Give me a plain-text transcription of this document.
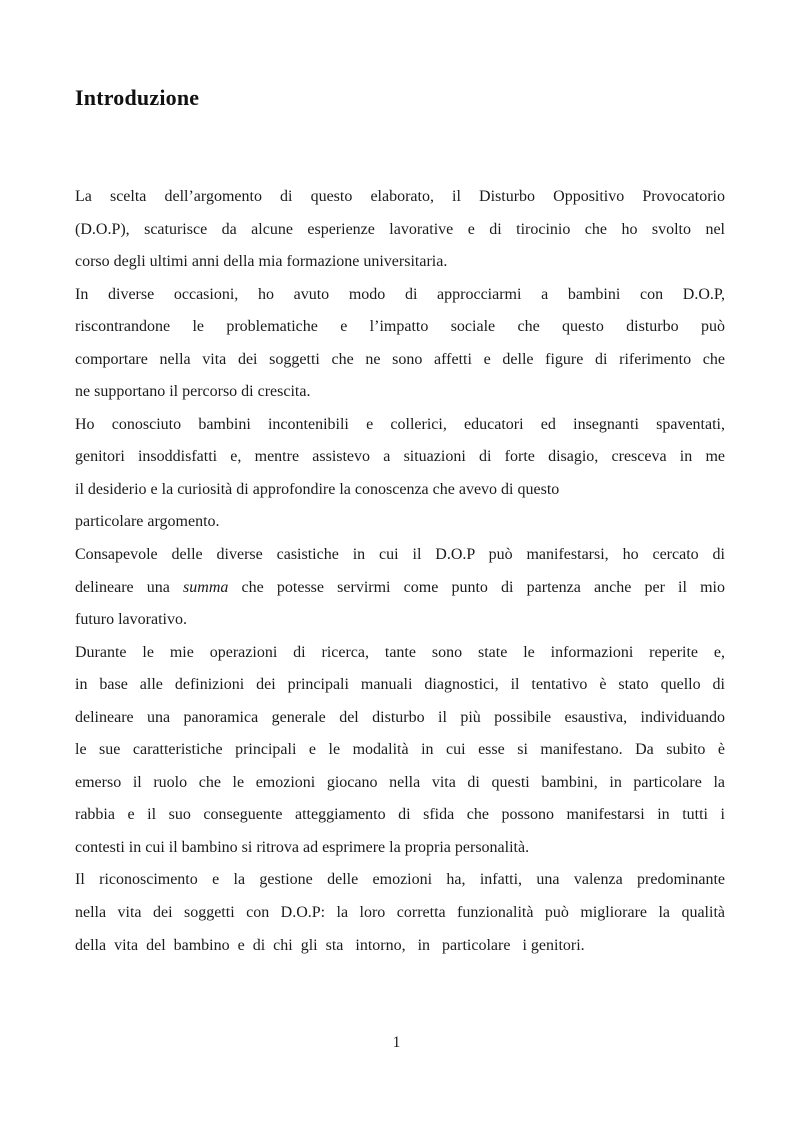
Introduzione
La scelta dell’argomento di questo elaborato, il Disturbo Oppositivo Provocatorio
(D.O.P), scaturisce da alcune esperienze lavorative e di tirocinio che ho svolto nel
corso degli ultimi anni della mia formazione universitaria.
In diverse occasioni, ho avuto modo di approcciarmi a bambini con D.O.P,
riscontrandone le problematiche e l’impatto sociale che questo disturbo può
comportare nella vita dei soggetti che ne sono affetti e delle figure di riferimento che
ne supportano il percorso di crescita.
Ho conosciuto bambini incontenibili e collerici, educatori ed insegnanti spaventati,
genitori insoddisfatti e, mentre assistevo a situazioni di forte disagio, cresceva in me
il desiderio e la curiosità di approfondire la conoscenza che avevo di questo
particolare argomento.
Consapevole delle diverse casistiche in cui il D.O.P può manifestarsi, ho cercato di
delineare una summa che potesse servirmi come punto di partenza anche per il mio
futuro lavorativo.
Durante le mie operazioni di ricerca, tante sono state le informazioni reperite e,
in base alle definizioni dei principali manuali diagnostici, il tentativo è stato quello di
delineare una panoramica generale del disturbo il più possibile esaustiva, individuando
le sue caratteristiche principali e le modalità in cui esse si manifestano. Da subito è
emerso il ruolo che le emozioni giocano nella vita di questi bambini, in particolare la
rabbia e il suo conseguente atteggiamento di sfida che possono manifestarsi in tutti i
contesti in cui il bambino si ritrova ad esprimere la propria personalità.
Il riconoscimento e la gestione delle emozioni ha, infatti, una valenza predominante
nella vita dei soggetti con D.O.P: la loro corretta funzionalità può migliorare la qualità
della  vita  del  bambino  e  di  chi  gli  sta   intorno,   in   particolare   i genitori.
1
